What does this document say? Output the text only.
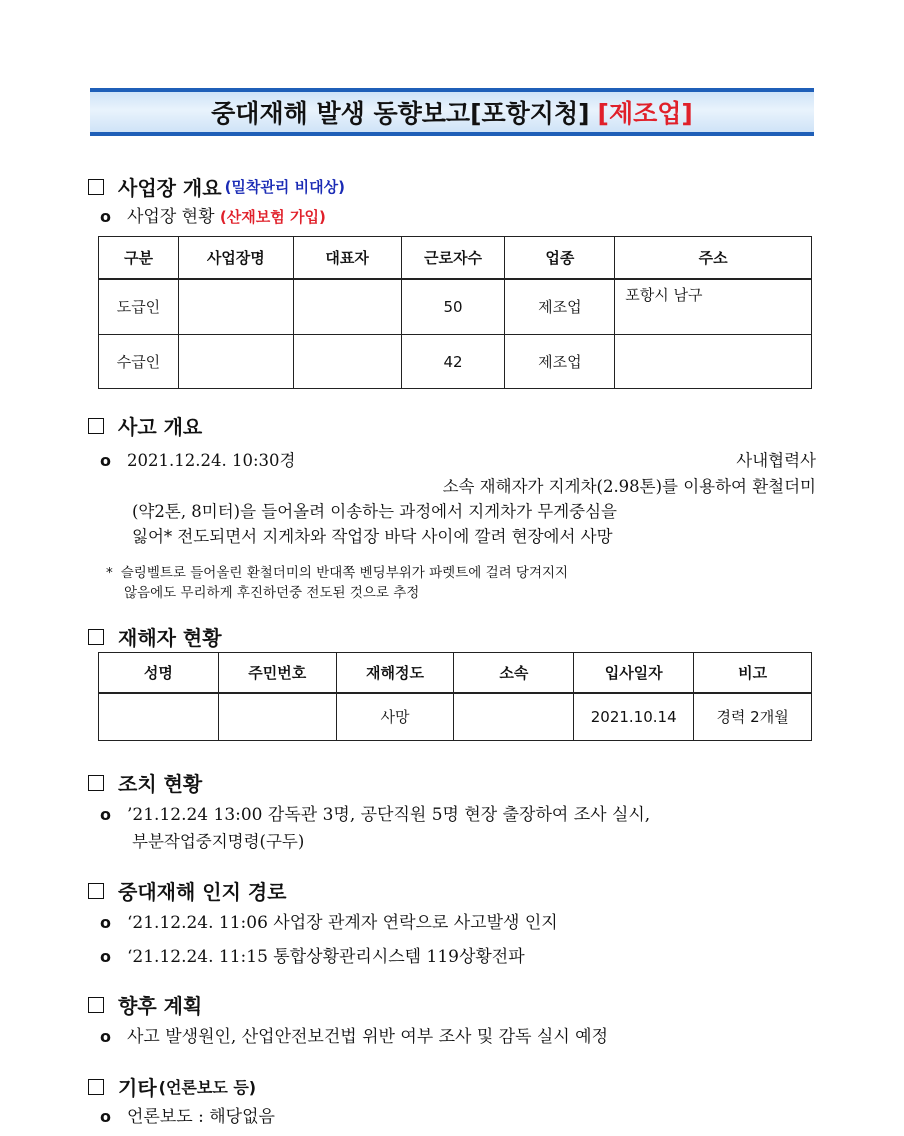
중대재해 발생 동향보고[포항지청] [제조업]
사업장 개요 (밀착관리 비대상)
o 사업장 현황 (산재보험 가입)
구분	사업장명	대표자	근로자수	업종	주소
도급인			50	제조업	포항시 남구
수급인			42	제조업	
사고 개요
o 2021.12.24. 10:30경	사내협력사
소속 재해자가 지게차(2.98톤)를 이용하여 환철더미
(약2톤, 8미터)을 들어올려 이송하는 과정에서 지게차가 무게중심을
잃어* 전도되면서 지게차와 작업장 바닥 사이에 깔려 현장에서 사망
* 슬링벨트로 들어올린 환철더미의 반대쪽 벤딩부위가 파렛트에 걸려 당겨지지
않음에도 무리하게 후진하던중 전도된 것으로 추정
재해자 현황
성명	주민번호	재해정도	소속	입사일자	비고
		사망		2021.10.14	경력 2개월
조치 현황
o ’21.12.24 13:00 감독관 3명, 공단직원 5명 현장 출장하여 조사 실시,
부분작업중지명령(구두)
중대재해 인지 경로
o ‘21.12.24. 11:06 사업장 관계자 연락으로 사고발생 인지
o ‘21.12.24. 11:15 통합상황관리시스템 119상황전파
향후 계획
o 사고 발생원인, 산업안전보건법 위반 여부 조사 및 감독 실시 예정
기타 (언론보도 등)
o 언론보도 : 해당없음
